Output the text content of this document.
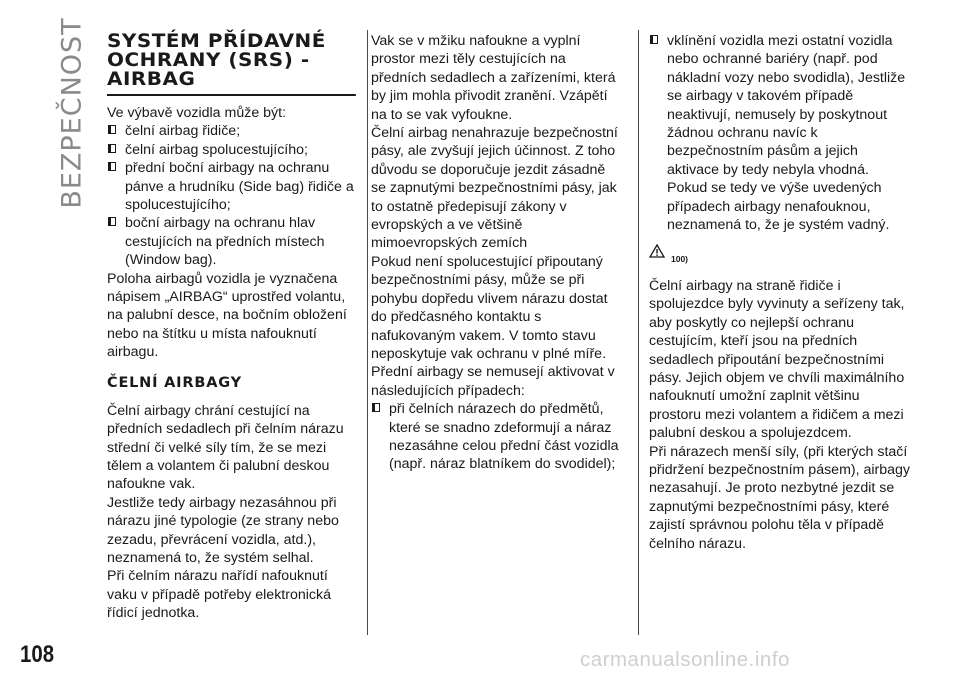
BEZPEČNOST
108
SYSTÉM PŘÍDAVNÉ OCHRANY (SRS) - AIRBAG

Ve výbavě vozidla může být:

čelní airbag řidiče;

čelní airbag spolucestujícího;

přední boční airbagy na ochranu pánve a hrudníku (Side bag) řidiče a spolucestujícího;

boční airbagy na ochranu hlav cestujících na předních místech (Window bag).

Poloha airbagů vozidla je vyznačena nápisem „AIRBAG“ uprostřed volantu, na palubní desce, na bočním obložení nebo na štítku u místa nafouknutí airbagu.

ČELNÍ AIRBAGY

Čelní airbagy chrání cestující na předních sedadlech při čelním nárazu střední či velké síly tím, že se mezi tělem a volantem či palubní deskou nafoukne vak.

Jestliže tedy airbagy nezasáhnou při nárazu jiné typologie (ze strany nebo zezadu, převrácení vozidla, atd.), neznamená to, že systém selhal.

Při čelním nárazu nařídí nafouknutí vaku v případě potřeby elektronická řídicí jednotka.

Vak se v mžiku nafoukne a vyplní prostor mezi těly cestujících na předních sedadlech a zařízeními, která by jim mohla přivodit zranění. Vzápětí na to se vak vyfoukne.

Čelní airbag nenahrazuje bezpečnostní pásy, ale zvyšují jejich účinnost. Z toho důvodu se doporučuje jezdit zásadně se zapnutými bezpečnostními pásy, jak to ostatně předepisují zákony v evropských a ve většině mimoevropských zemích

Pokud není spolucestující připoutaný bezpečnostními pásy, může se při pohybu dopředu vlivem nárazu dostat do předčasného kontaktu s nafukovaným vakem. V tomto stavu neposkytuje vak ochranu v plné míře.

Přední airbagy se nemusejí aktivovat v následujících případech:

při čelních nárazech do předmětů, které se snadno zdeformují a náraz nezasáhne celou přední část vozidla (např. náraz blatníkem do svodidel);

vklínění vozidla mezi ostatní vozidla nebo ochranné bariéry (např. pod nákladní vozy nebo svodidla), Jestliže se airbagy v takovém případě neaktivují, nemusely by poskytnout žádnou ochranu navíc k bezpečnostním pásům a jejich aktivace by tedy nebyla vhodná. Pokud se tedy ve výše uvedených případech airbagy nenafouknou, neznamená to, že je systém vadný.

100)

Čelní airbagy na straně řidiče i spolujezdce byly vyvinuty a seřízeny tak, aby poskytly co nejlepší ochranu cestujícím, kteří jsou na předních sedadlech připoutání bezpečnostními pásy. Jejich objem ve chvíli maximálního nafouknutí umožní zaplnit většinu prostoru mezi volantem a řidičem a mezi palubní deskou a spolujezdcem.

Při nárazech menší síly, (při kterých stačí přidržení bezpečnostním pásem), airbagy nezasahují. Je proto nezbytné jezdit se zapnutými bezpečnostními pásy, které zajistí správnou polohu těla v případě čelního nárazu.

carmanualsonline.info
